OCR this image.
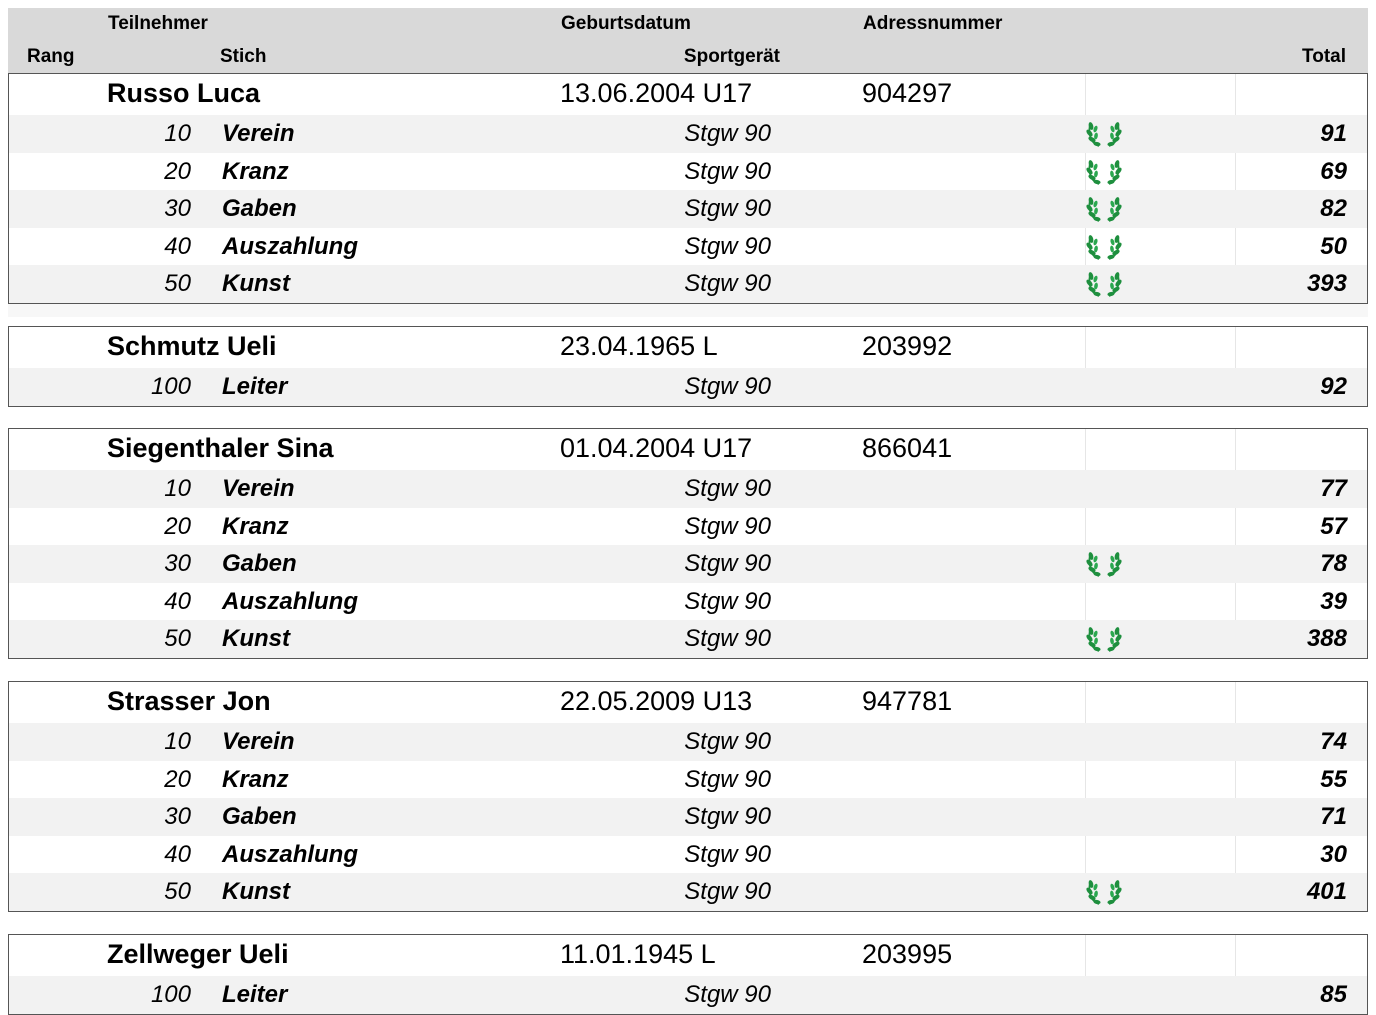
Teilnehmer	Geburtsdatum	Adressnummer
Rang	Stich	Sportgerät	Total
Russo Luca	13.06.2004 U17	904297
10 Verein	Stgw 90	91
20 Kranz	Stgw 90	69
30 Gaben	Stgw 90	82
40 Auszahlung	Stgw 90	50
50 Kunst	Stgw 90	393
Schmutz Ueli	23.04.1965 L	203992
100 Leiter	Stgw 90	92
Siegenthaler Sina	01.04.2004 U17	866041
10 Verein	Stgw 90	77
20 Kranz	Stgw 90	57
30 Gaben	Stgw 90	78
40 Auszahlung	Stgw 90	39
50 Kunst	Stgw 90	388
Strasser Jon	22.05.2009 U13	947781
10 Verein	Stgw 90	74
20 Kranz	Stgw 90	55
30 Gaben	Stgw 90	71
40 Auszahlung	Stgw 90	30
50 Kunst	Stgw 90	401
Zellweger Ueli	11.01.1945 L	203995
100 Leiter	Stgw 90	85
